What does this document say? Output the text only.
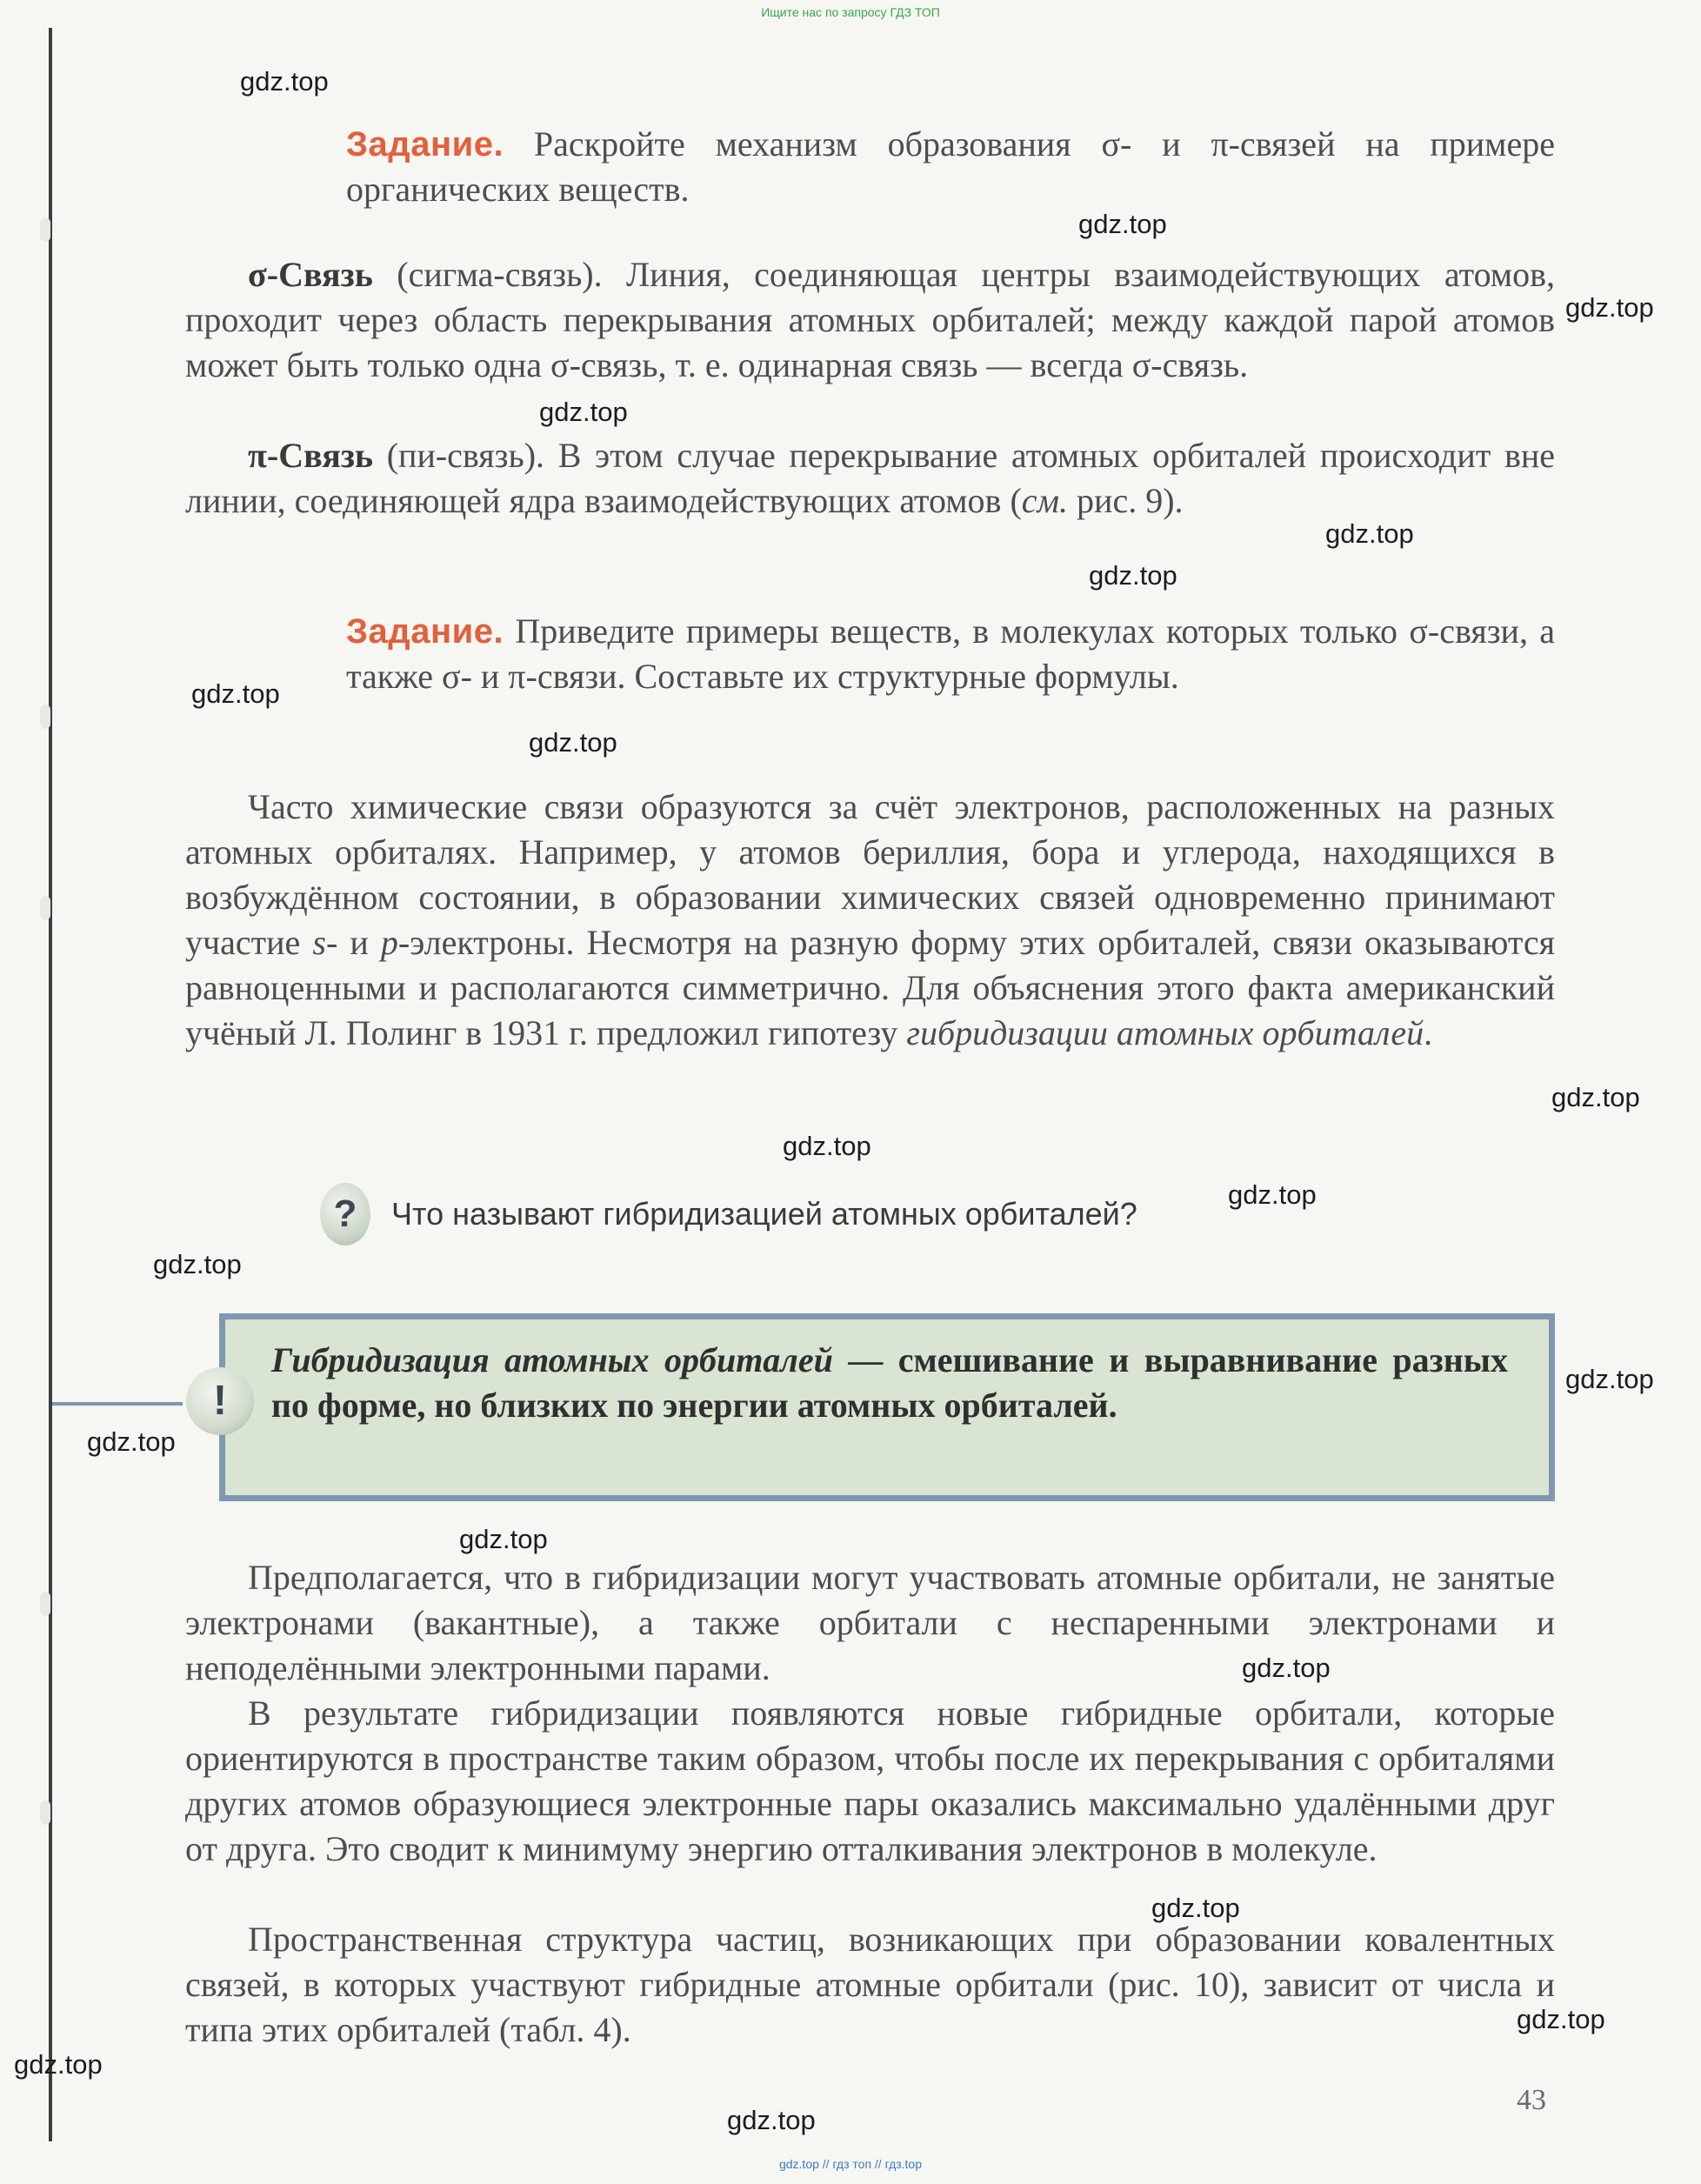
Ищите нас по запросу ГДЗ ТОП

Задание. Раскройте механизм образования σ- и π-связей на примере органических веществ.

σ-Связь (сигма-связь). Линия, соединяющая центры взаимодействующих атомов, проходит через область перекрывания атомных орбиталей; между каждой парой атомов может быть только одна σ-связь, т. е. одинарная связь — всегда σ-связь.

π-Связь (пи-связь). В этом случае перекрывание атомных орбиталей происходит вне линии, соединяющей ядра взаимодействующих атомов (см. рис. 9).

Задание. Приведите примеры веществ, в молекулах которых только σ-связи, а также σ- и π-связи. Составьте их структурные формулы.

Часто химические связи образуются за счёт электронов, расположенных на разных атомных орбиталях. Например, у атомов бериллия, бора и углерода, находящихся в возбуждённом состоянии, в образовании химических связей одновременно принимают участие s- и p-электроны. Несмотря на разную форму этих орбиталей, связи оказываются равноценными и располагаются симметрично. Для объяснения этого факта американский учёный Л. Полинг в 1931 г. предложил гипотезу гибридизации атомных орбиталей.

?	Что называют гибридизацией атомных орбиталей?
!

Гибридизация атомных орбиталей — смешивание и выравнивание разных по форме, но близких по энергии атомных орбиталей.

Предполагается, что в гибридизации могут участвовать атомные орбитали, не занятые электронами (вакантные), а также орбитали с неспаренными электронами и неподелёнными электронными парами.

В результате гибридизации появляются новые гибридные орбитали, которые ориентируются в пространстве таким образом, чтобы после их перекрывания с орбиталями других атомов образующиеся электронные пары оказались максимально удалёнными друг от друга. Это сводит к минимуму энергию отталкивания электронов в молекуле.

Пространственная структура частиц, возникающих при образовании ковалентных связей, в которых участвуют гибридные атомные орбитали (рис. 10), зависит от числа и типа этих орбиталей (табл. 4).

43
gdz.top
gdz.top
gdz.top
gdz.top
gdz.top
gdz.top
gdz.top
gdz.top
gdz.top
gdz.top
gdz.top
gdz.top
gdz.top
gdz.top
gdz.top
gdz.top
gdz.top
gdz.top
gdz.top
gdz.top
gdz.top // гдз топ // гдз.top
